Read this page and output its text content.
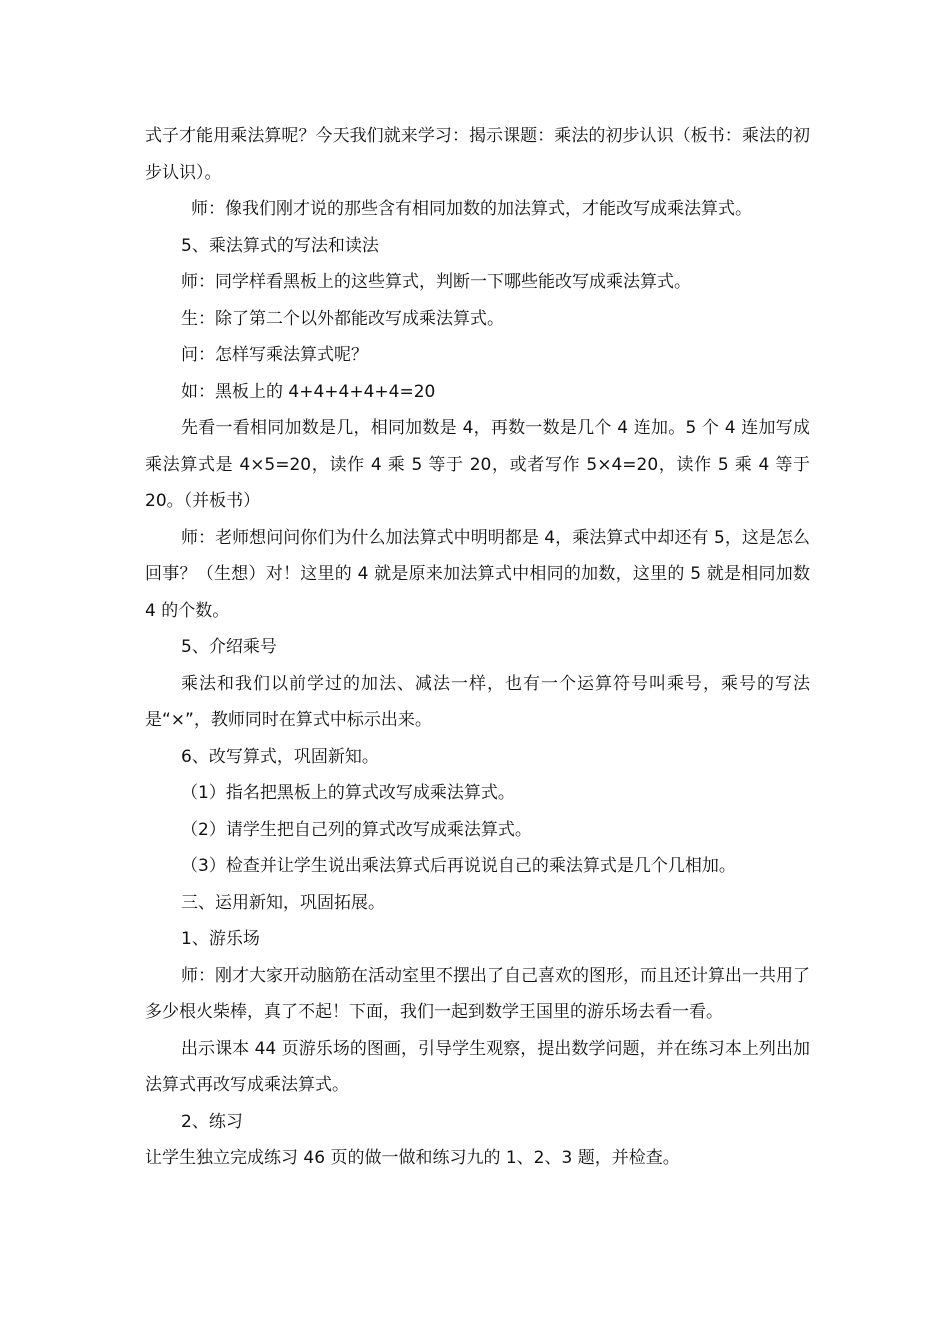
式子才能用乘法算呢？今天我们就来学习：揭示课题：乘法的初步认识（板书：乘法的初步认识）。

师：像我们刚才说的那些含有相同加数的加法算式，才能改写成乘法算式。

5、乘法算式的写法和读法

师：同学样看黑板上的这些算式，判断一下哪些能改写成乘法算式。

生：除了第二个以外都能改写成乘法算式。

问：怎样写乘法算式呢？

如：黑板上的 4+4+4+4+4=20

先看一看相同加数是几，相同加数是 4，再数一数是几个 4 连加。5 个 4 连加写成乘法算式是 4×5=20，读作 4 乘 5 等于 20，或者写作 5×4=20，读作 5 乘 4 等于 20。（并板书）

师：老师想问问你们为什么加法算式中明明都是 4，乘法算式中却还有 5，这是怎么回事？（生想）对！这里的 4 就是原来加法算式中相同的加数，这里的 5 就是相同加数 4 的个数。

5、介绍乘号

乘法和我们以前学过的加法、减法一样，也有一个运算符号叫乘号，乘号的写法是“×”，教师同时在算式中标示出来。

6、改写算式，巩固新知。

（1）指名把黑板上的算式改写成乘法算式。

（2）请学生把自己列的算式改写成乘法算式。

（3）检查并让学生说出乘法算式后再说说自己的乘法算式是几个几相加。

三、运用新知，巩固拓展。

1、游乐场

师：刚才大家开动脑筋在活动室里不摆出了自己喜欢的图形，而且还计算出一共用了多少根火柴棒，真了不起！下面，我们一起到数学王国里的游乐场去看一看。

出示课本 44 页游乐场的图画，引导学生观察，提出数学问题，并在练习本上列出加法算式再改写成乘法算式。

2、练习

让学生独立完成练习 46 页的做一做和练习九的 1、2、3 题，并检查。
